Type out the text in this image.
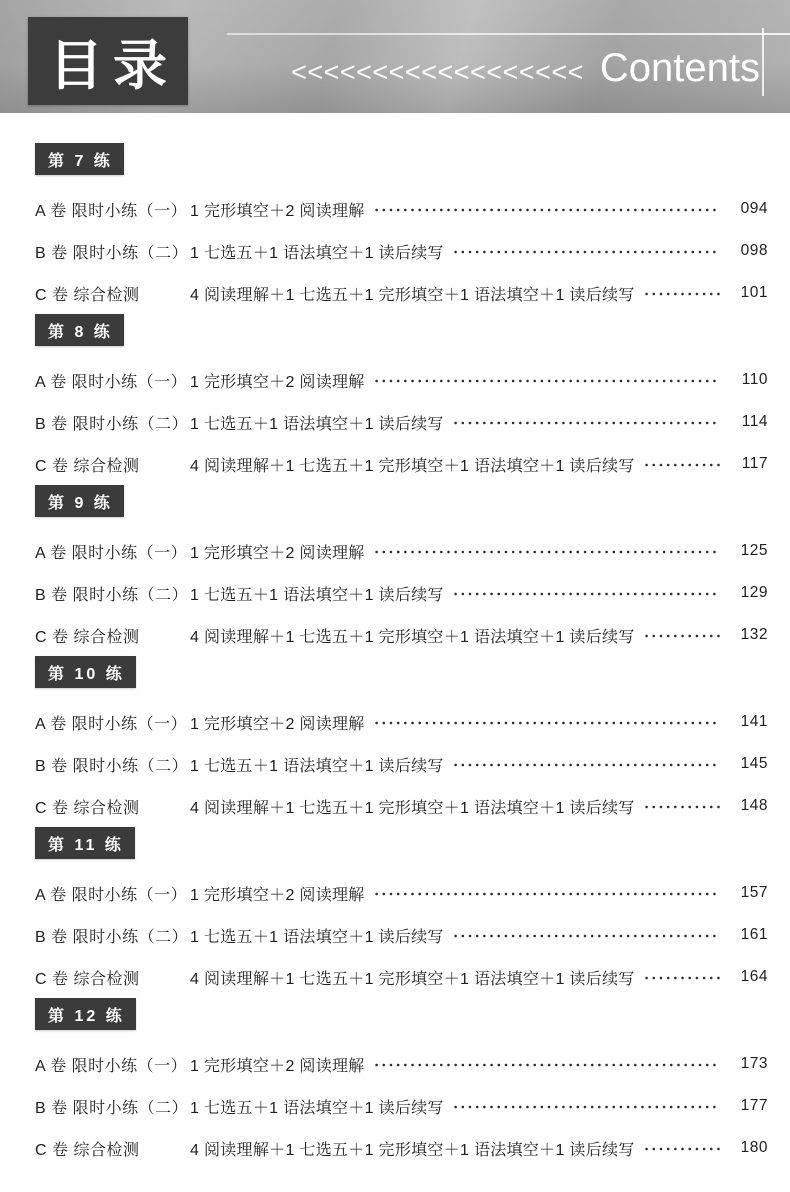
目录	<<<<<<<<<<<<<<<<<< Contents
第 7 练
A 卷 限时小练（一） 1 完形填空＋2 阅读理解	094
B 卷 限时小练（二） 1 七选五＋1 语法填空＋1 读后续写	098
C 卷 综合检测	4 阅读理解＋1 七选五＋1 完形填空＋1 语法填空＋1 读后续写	101
第 8 练
A 卷 限时小练（一） 1 完形填空＋2 阅读理解	110
B 卷 限时小练（二） 1 七选五＋1 语法填空＋1 读后续写	114
C 卷 综合检测	4 阅读理解＋1 七选五＋1 完形填空＋1 语法填空＋1 读后续写	117
第 9 练
A 卷 限时小练（一） 1 完形填空＋2 阅读理解	125
B 卷 限时小练（二） 1 七选五＋1 语法填空＋1 读后续写	129
C 卷 综合检测	4 阅读理解＋1 七选五＋1 完形填空＋1 语法填空＋1 读后续写	132
第 10 练
A 卷 限时小练（一） 1 完形填空＋2 阅读理解	141
B 卷 限时小练（二） 1 七选五＋1 语法填空＋1 读后续写	145
C 卷 综合检测	4 阅读理解＋1 七选五＋1 完形填空＋1 语法填空＋1 读后续写	148
第 11 练
A 卷 限时小练（一） 1 完形填空＋2 阅读理解	157
B 卷 限时小练（二） 1 七选五＋1 语法填空＋1 读后续写	161
C 卷 综合检测	4 阅读理解＋1 七选五＋1 完形填空＋1 语法填空＋1 读后续写	164
第 12 练
A 卷 限时小练（一） 1 完形填空＋2 阅读理解	173
B 卷 限时小练（二） 1 七选五＋1 语法填空＋1 读后续写	177
C 卷 综合检测	4 阅读理解＋1 七选五＋1 完形填空＋1 语法填空＋1 读后续写	180
